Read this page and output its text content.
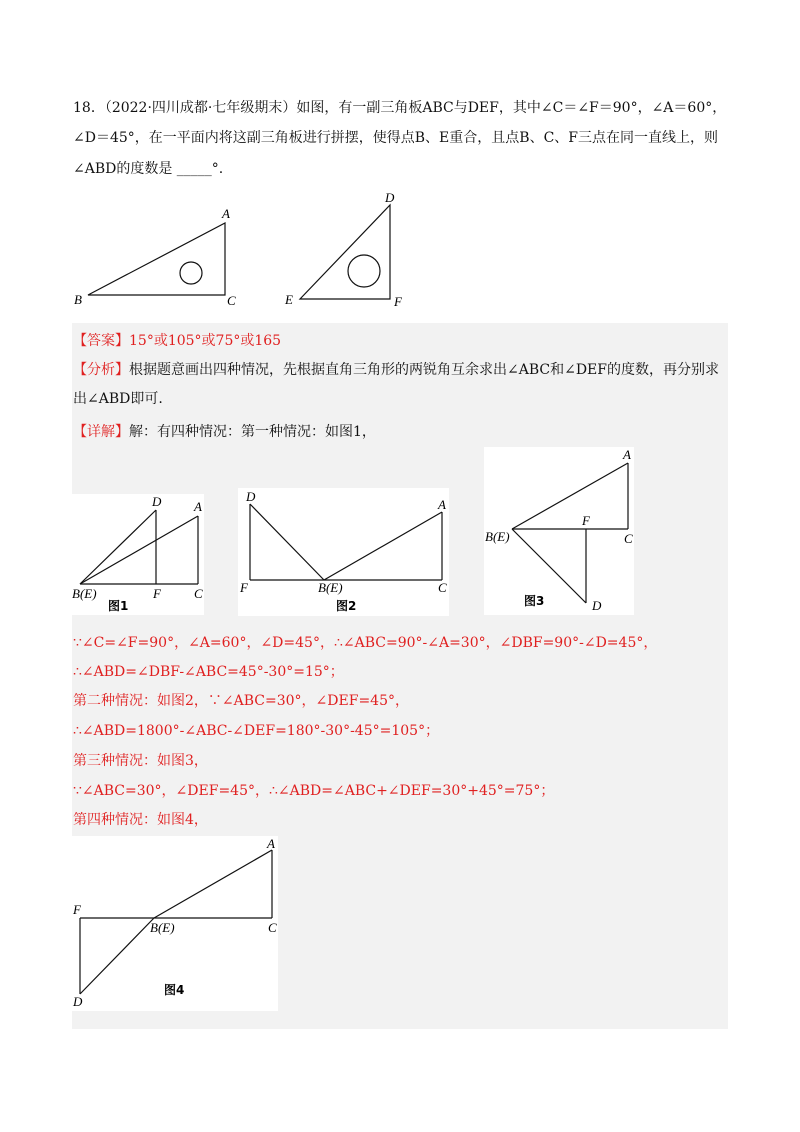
18．（2022·四川成都·七年级期末）如图，有一副三角板ABC与DEF，其中∠C＝∠F＝90°，∠A＝60°，
∠D＝45°，在一平面内将这副三角板进行拼摆，使得点B、E重合，且点B、C、F三点在同一直线上，则
∠ABD的度数是 _____°.
A
B	C
D
E	F
【答案】15°或105°或75°或165
【分析】根据题意画出四种情况，先根据直角三角形的两锐角互余求出∠ABC和∠DEF的度数，再分别求
出∠ABD即可.
【详解】解：有四种情况：第一种情况：如图1，
A
D
B(E)	F	C
图1
D
A
F	B(E)	C
图2
A
F
B(E)	C
D
图3
∵∠C=∠F=90°，∠A=60°，∠D=45°，∴∠ABC=90°-∠A=30°，∠DBF=90°-∠D=45°，
∴∠ABD=∠DBF-∠ABC=45°-30°=15°；
第二种情况：如图2，∵∠ABC=30°，∠DEF=45°，
∴∠ABD=1800°-∠ABC-∠DEF=180°-30°-45°=105°；
第三种情况：如图3，
∵∠ABC=30°，∠DEF=45°，∴∠ABD=∠ABC+∠DEF=30°+45°=75°；
第四种情况：如图4，
A
F
B(E)	C
D
图4
